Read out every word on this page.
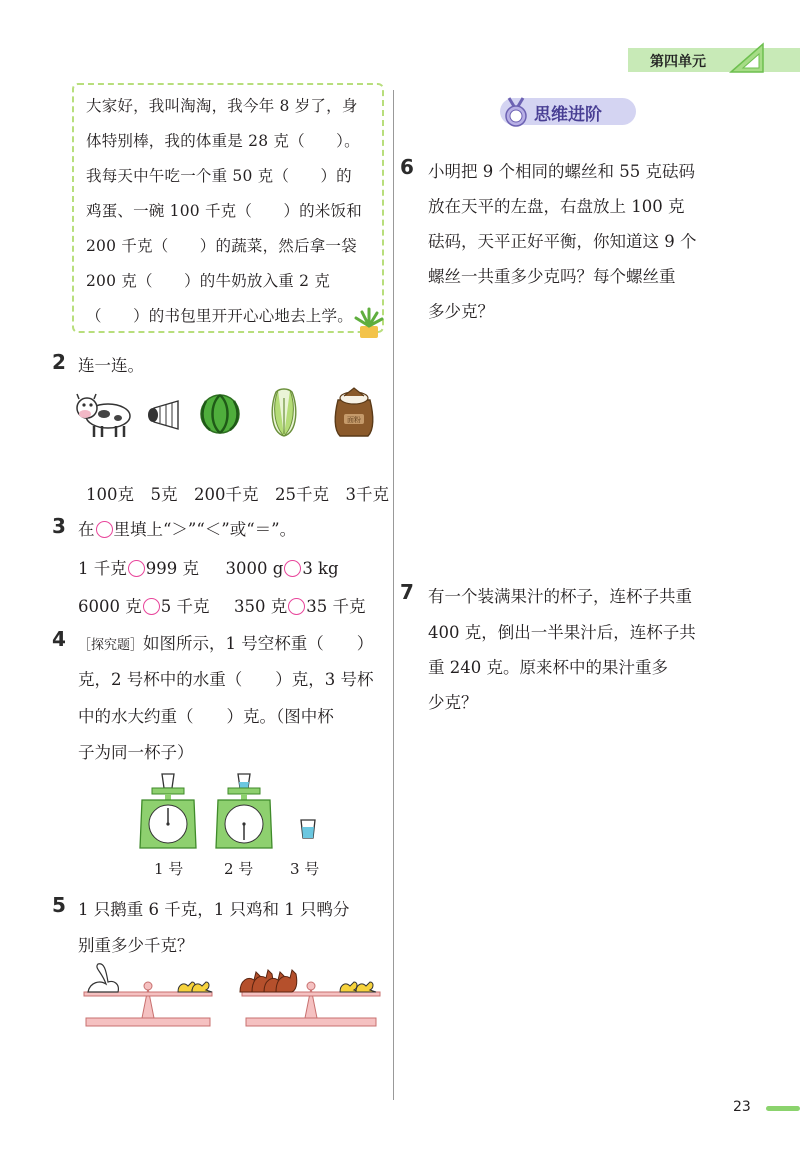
第四单元
大家好，我叫淘淘，我今年 8 岁了，身
体特别棒，我的体重是 28 克（　　）。
我每天中午吃一个重 50 克（　　）的
鸡蛋、一碗 100 千克（　　）的米饭和
200 千克（　　）的蔬菜，然后拿一袋
200 克（　　）的牛奶放入重 2 克
（　　）的书包里开开心心地去上学。
2 连一连。
面粉
100克　5克　200千克　25千克　3千克
3 在 里填上“＞”“＜”或“＝”。
1 千克 999 克 3000 g 3 kg
6000 克 5 千克 350 克 35 千克
4 ［探究题］如图所示，1 号空杯重（　　）
克，2 号杯中的水重（　　）克，3 号杯
中的水大约重（　　）克。（图中杯
子为同一杯子）
1 号	2 号 3 号
5 1 只鹅重 6 千克，1 只鸡和 1 只鸭分
别重多少千克？
思维进阶
6 小明把 9 个相同的螺丝和 55 克砝码
放在天平的左盘，右盘放上 100 克
砝码，天平正好平衡，你知道这 9 个
螺丝一共重多少克吗？每个螺丝重
多少克？
7 有一个装满果汁的杯子，连杯子共重
400 克，倒出一半果汁后，连杯子共
重 240 克。原来杯中的果汁重多
少克？
23
